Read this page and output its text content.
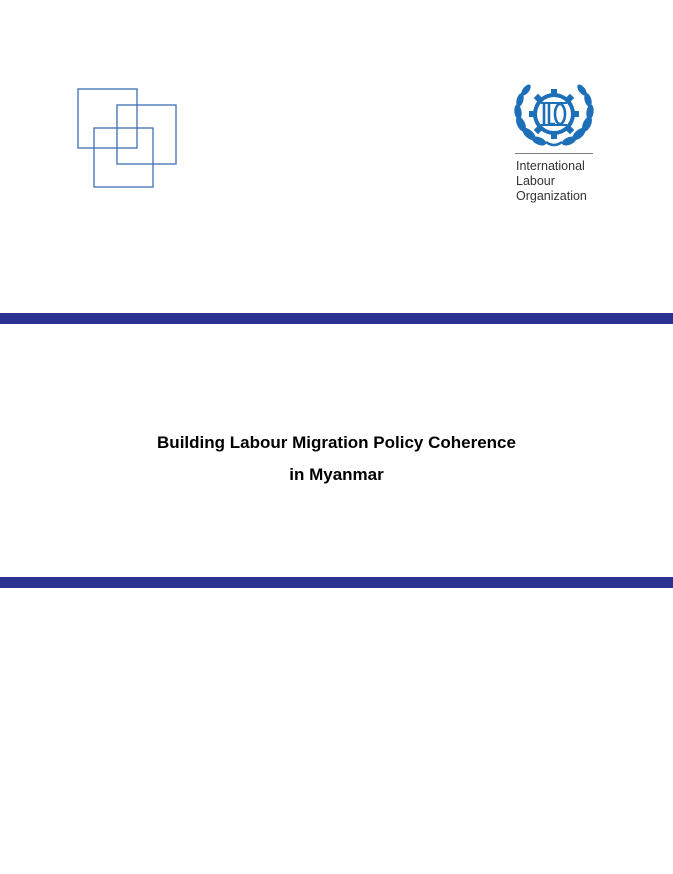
International
Labour
Organization
Building Labour Migration Policy Coherence
in Myanmar
